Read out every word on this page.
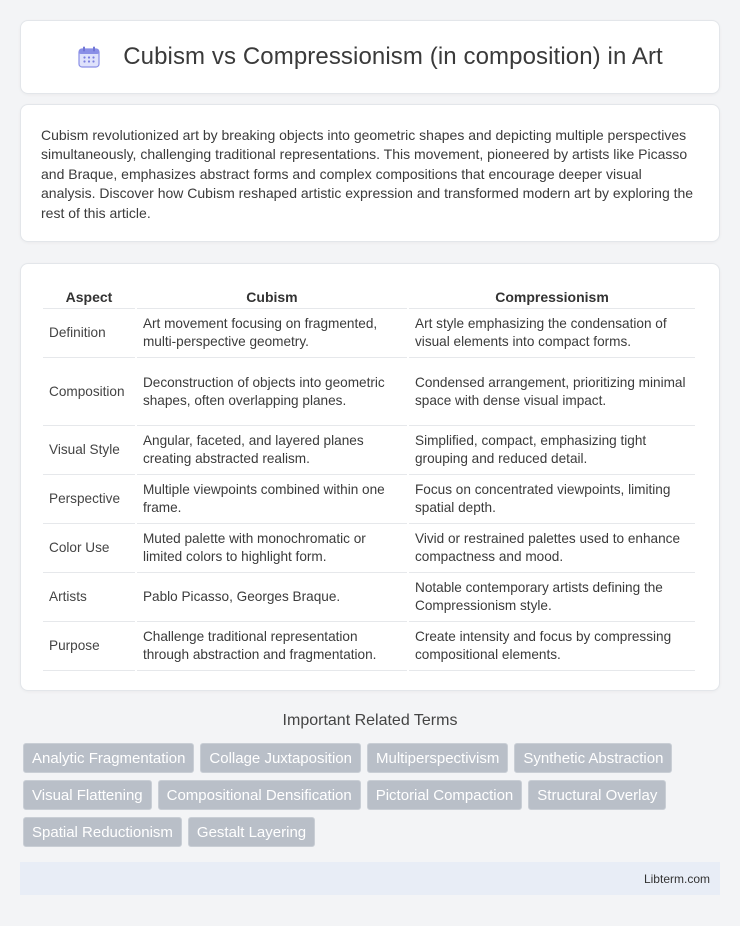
Cubism vs Compressionism (in composition) in Art

Cubism revolutionized art by breaking objects into geometric shapes and depicting multiple perspectives simultaneously, challenging traditional representations. This movement, pioneered by artists like Picasso and Braque, emphasizes abstract forms and complex compositions that encourage deeper visual analysis. Discover how Cubism reshaped artistic expression and transformed modern art by exploring the rest of this article.

Aspect	Cubism	Compressionism
Definition	Art movement focusing on fragmented, multi-perspective geometry.	Art style emphasizing the condensation of visual elements into compact forms.
Composition	Deconstruction of objects into geometric shapes, often overlapping planes.	Condensed arrangement, prioritizing minimal space with dense visual impact.
Visual Style	Angular, faceted, and layered planes creating abstracted realism.	Simplified, compact, emphasizing tight grouping and reduced detail.
Perspective	Multiple viewpoints combined within one frame.	Focus on concentrated viewpoints, limiting spatial depth.
Color Use	Muted palette with monochromatic or limited colors to highlight form.	Vivid or restrained palettes used to enhance compactness and mood.
Artists	Pablo Picasso, Georges Braque.	Notable contemporary artists defining the Compressionism style.
Purpose	Challenge traditional representation through abstraction and fragmentation.	Create intensity and focus by compressing compositional elements.
Important Related Terms
Analytic Fragmentation	Collage Juxtaposition	Multiperspectivism	Synthetic Abstraction
Visual Flattening	Compositional Densification	Pictorial Compaction	Structural Overlay
Spatial Reductionism	Gestalt Layering
Libterm.com
